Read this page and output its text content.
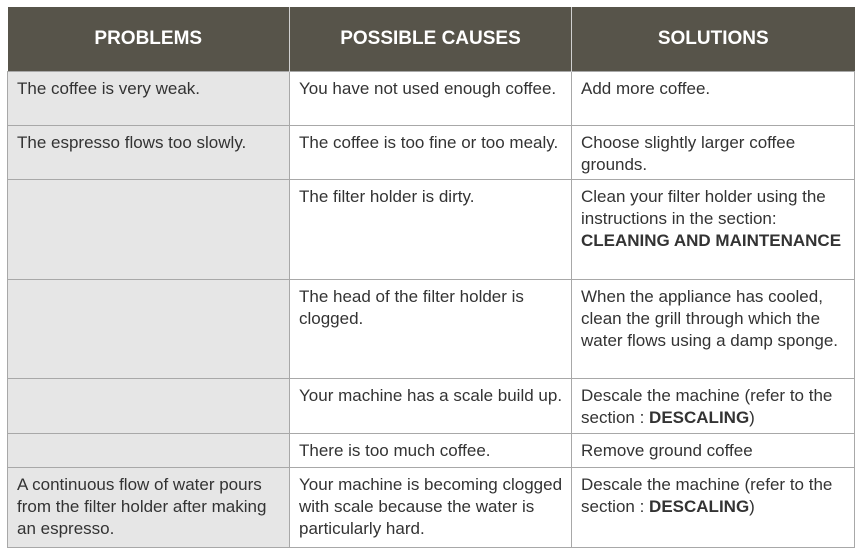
PROBLEMS	POSSIBLE CAUSES	SOLUTIONS
The coffee is very weak.	You have not used enough coffee.	Add more coffee.
The espresso flows too slowly.	The coffee is too fine or too mealy.	Choose slightly larger coffee grounds.
	The filter holder is dirty.	Clean your filter holder using the instructions in the section: CLEANING AND MAINTENANCE
	The head of the filter holder is clogged.	When the appliance has cooled, clean the grill through which the water flows using a damp sponge.
	Your machine has a scale build up.	Descale the machine (refer to the section : DESCALING)
	There is too much coffee.	Remove ground coffee
A continuous flow of water pours from the filter holder after making an espresso.	Your machine is becoming clogged with scale because the water is particularly hard.	Descale the machine (refer to the section : DESCALING)
